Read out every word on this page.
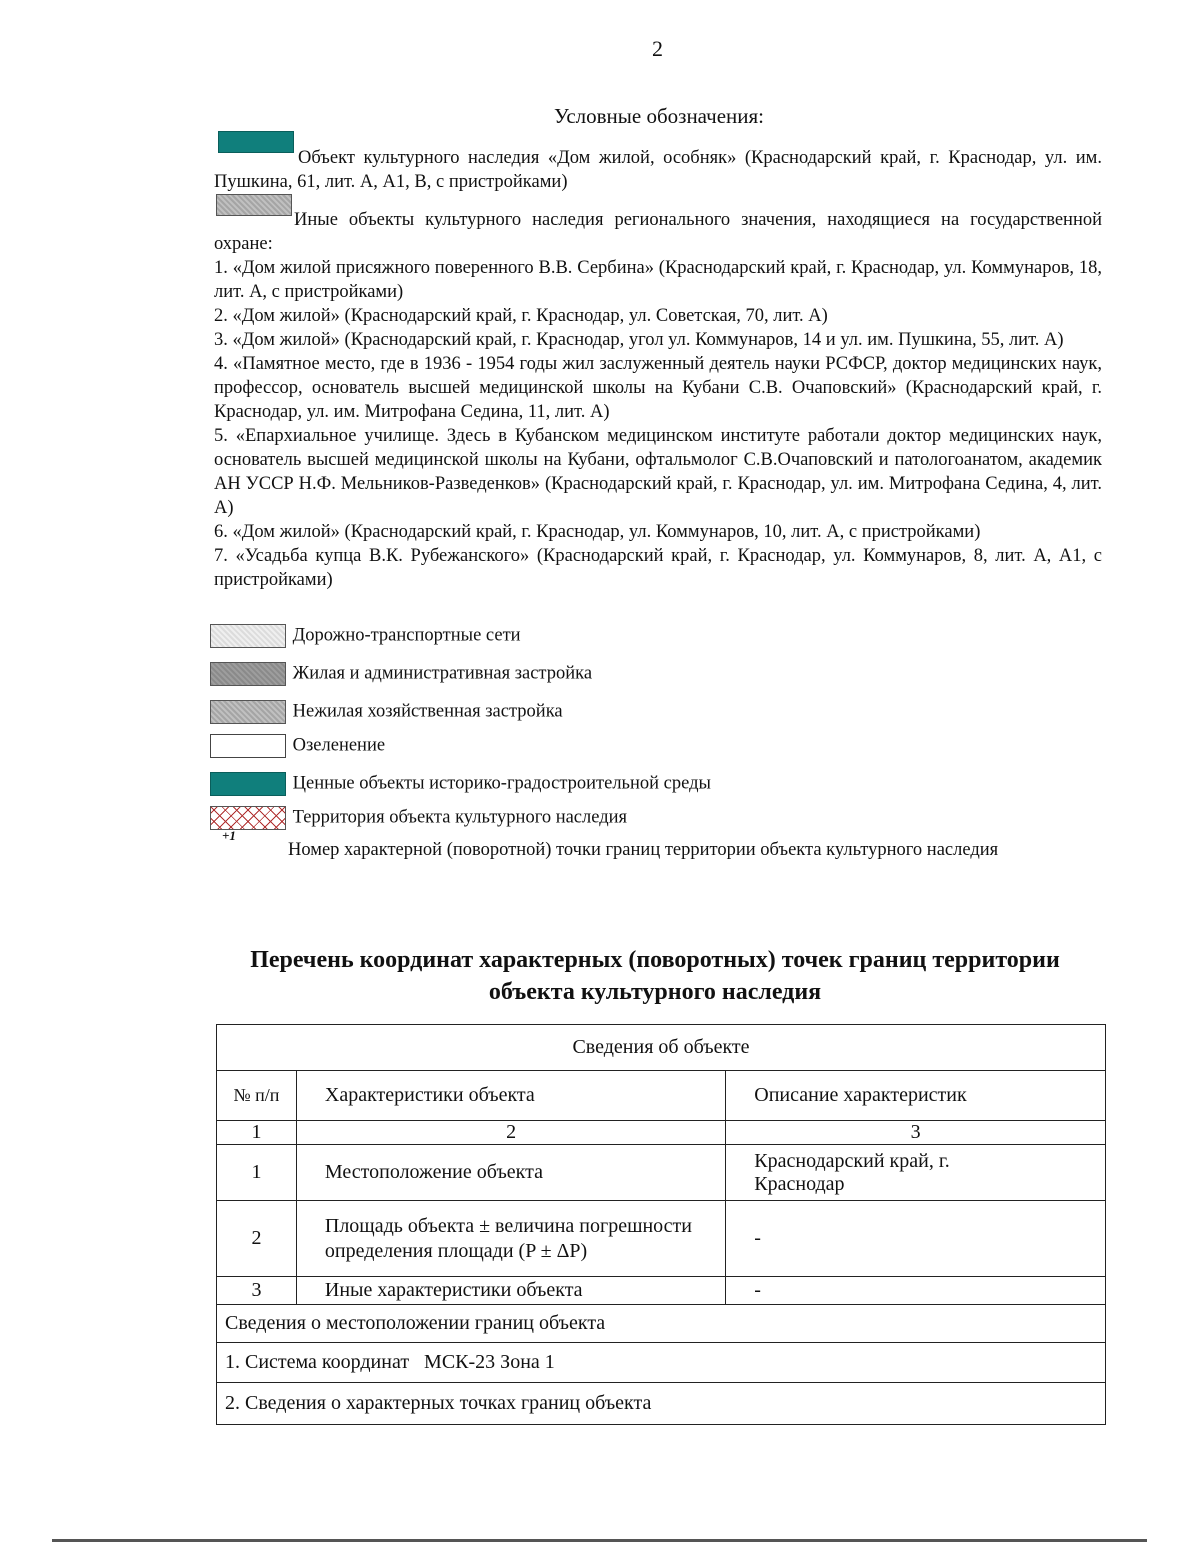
2
Условные обозначения:
Объект культурного наследия «Дом жилой, особняк» (Краснодарский край, г. Краснодар, ул. им. Пушкина, 61, лит. А, А1, В, с пристройками)
Иные объекты культурного наследия регионального значения, находящиеся на государственной охране:
1. «Дом жилой присяжного поверенного В.В. Сербина» (Краснодарский край, г. Краснодар, ул. Коммунаров, 18, лит. А, с пристройками)
2. «Дом жилой» (Краснодарский край, г. Краснодар, ул. Советская, 70, лит. А)
3. «Дом жилой» (Краснодарский край, г. Краснодар, угол ул. Коммунаров, 14 и ул. им. Пушкина, 55, лит. А)
4. «Памятное место, где в 1936 - 1954 годы жил заслуженный деятель науки РСФСР, доктор медицинских наук, профессор, основатель высшей медицинской школы на Кубани С.В. Очаповский» (Краснодарский край, г. Краснодар, ул. им. Митрофана Седина, 11, лит. А)
5. «Епархиальное училище. Здесь в Кубанском медицинском институте работали доктор медицинских наук, основатель высшей медицинской школы на Кубани, офтальмолог С.В.Очаповский и патологоанатом, академик АН УССР Н.Ф. Мельников-Разведенков» (Краснодарский край, г. Краснодар, ул. им. Митрофана Седина, 4, лит. А)
6. «Дом жилой» (Краснодарский край, г. Краснодар, ул. Коммунаров, 10, лит. А, с пристройками)
7. «Усадьба купца В.К. Рубежанского» (Краснодарский край, г. Краснодар, ул. Коммунаров, 8, лит. А, А1, с пристройками)
Дорожно-транспортные сети
Жилая и административная застройка
Нежилая хозяйственная застройка
Озеленение
Ценные объекты историко-градостроительной среды
Территория объекта культурного наследия
+1
Номер характерной (поворотной) точки границ территории объекта культурного наследия
Перечень координат характерных (поворотных) точек границ территории
объекта культурного наследия
Сведения об объекте		
№ п/п	Характеристики объекта	Описание характеристик
1	2	3
1	Местоположение объекта	Краснодарский край, г. Краснодар

2	Площадь объекта ± величина погрешности определения площади (P ± ΔP)	-
3	Иные характеристики объекта	-
Сведения о местоположении границ объекта		
1. Система координат   МСК-23 Зона 1		
2. Сведения о характерных точках границ объекта		
